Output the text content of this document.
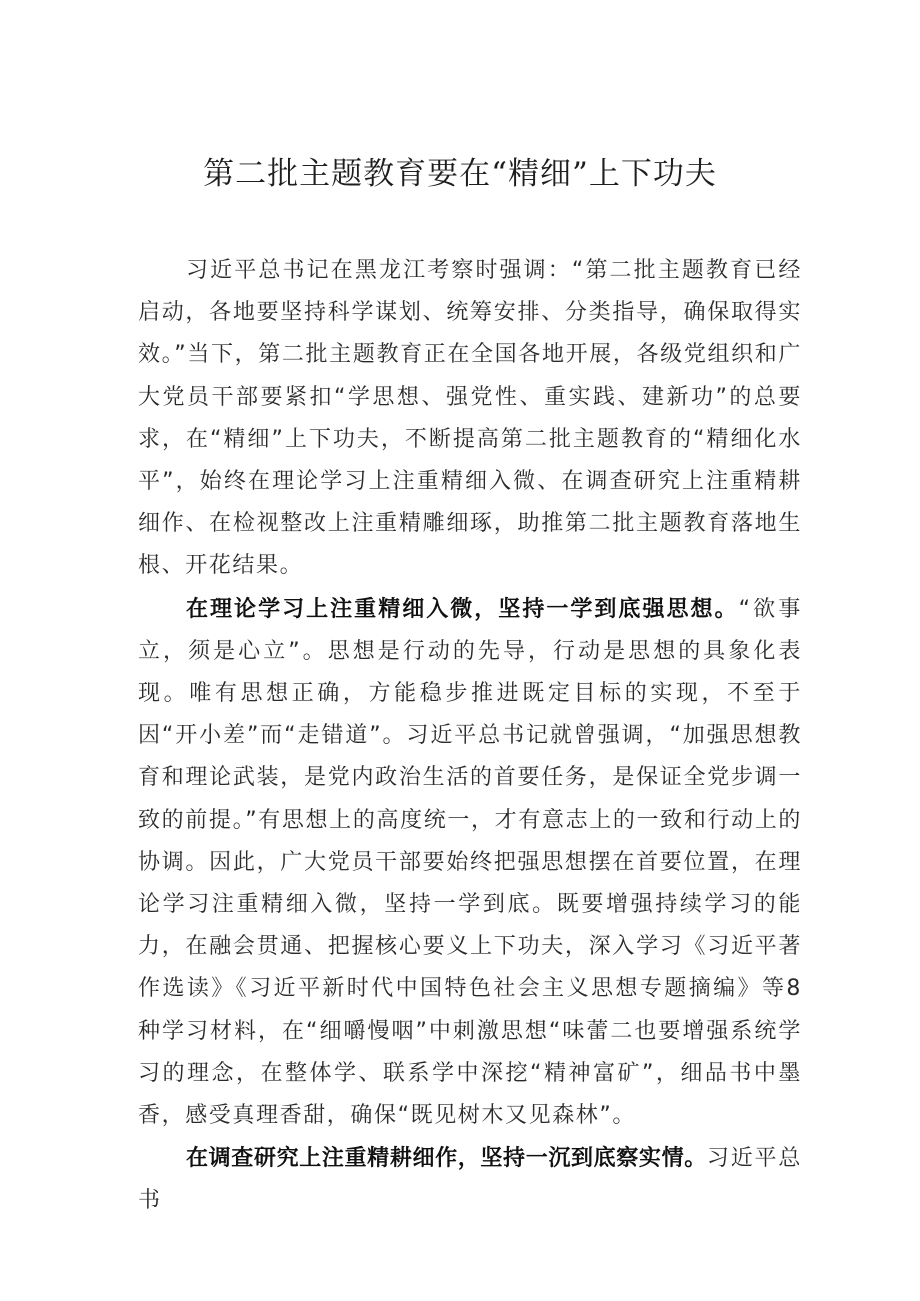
第二批主题教育要在“精细”上下功夫

习近平总书记在黑龙江考察时强调：“第二批主题教育已经启动，各地要坚持科学谋划、统筹安排、分类指导，确保取得实效。”当下，第二批主题教育正在全国各地开展，各级党组织和广大党员干部要紧扣“学思想、强党性、重实践、建新功”的总要求，在“精细”上下功夫，不断提高第二批主题教育的“精细化水平”，始终在理论学习上注重精细入微、在调查研究上注重精耕细作、在检视整改上注重精雕细琢，助推第二批主题教育落地生根、开花结果。

在理论学习上注重精细入微，坚持一学到底强思想。“欲事立，须是心立”。思想是行动的先导，行动是思想的具象化表现。唯有思想正确，方能稳步推进既定目标的实现，不至于因“开小差”而“走错道”。习近平总书记就曾强调，“加强思想教育和理论武装，是党内政治生活的首要任务，是保证全党步调一致的前提。”有思想上的高度统一，才有意志上的一致和行动上的协调。因此，广大党员干部要始终把强思想摆在首要位置，在理论学习注重精细入微，坚持一学到底。既要增强持续学习的能力，在融会贯通、把握核心要义上下功夫，深入学习《习近平著作选读》《习近平新时代中国特色社会主义思想专题摘编》等8种学习材料，在“细嚼慢咽”中刺激思想“味蕾二也要增强系统学习的理念，在整体学、联系学中深挖“精神富矿”，细品书中墨香，感受真理香甜，确保“既见树木又见森林”。

在调查研究上注重精耕细作，坚持一沉到底察实情。习近平总书
